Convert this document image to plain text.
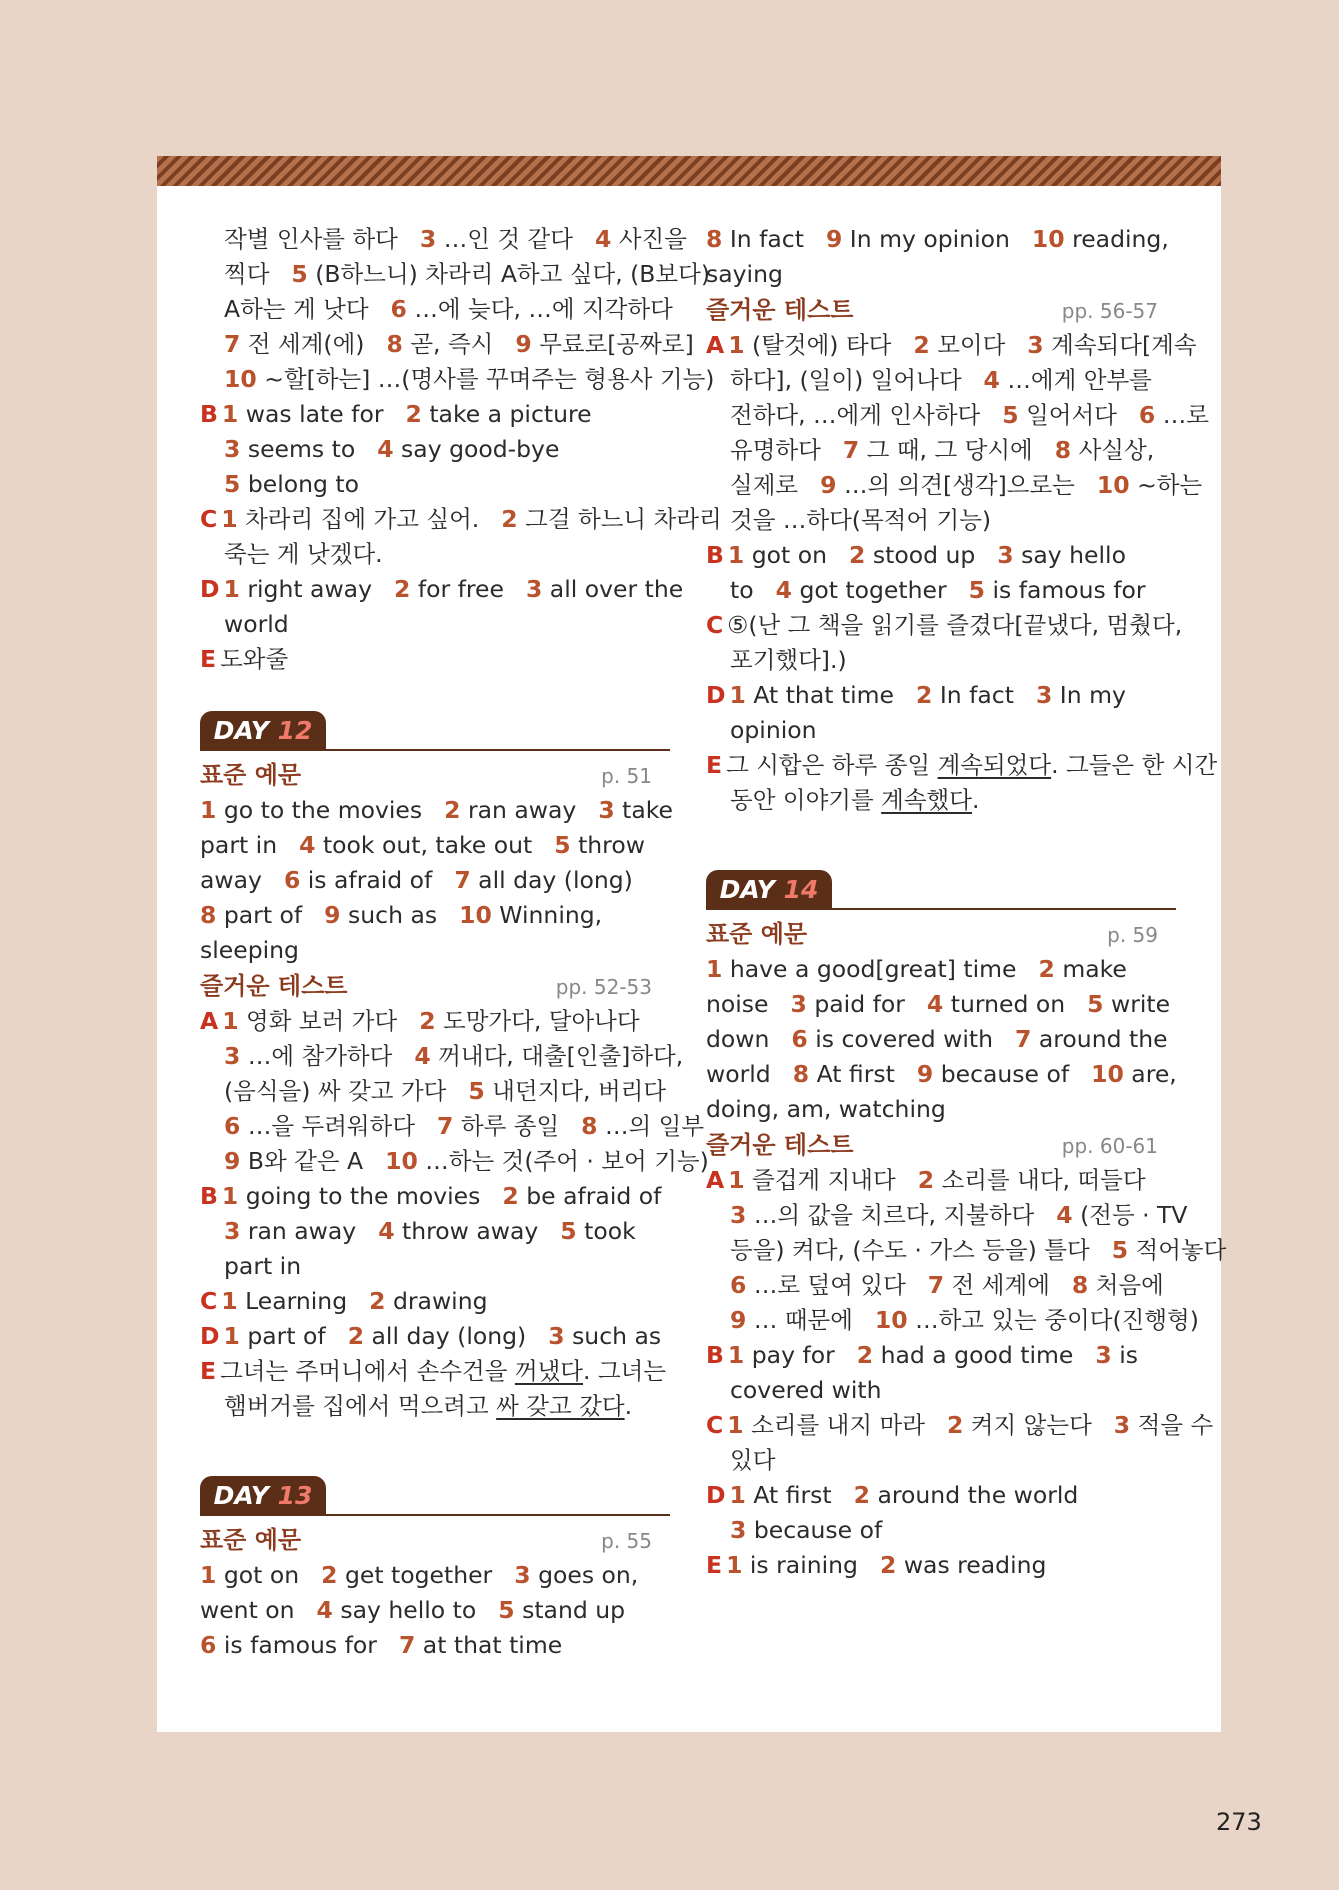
작별 인사를 하다 3 …인 것 같다 4 사진을
찍다 5 (B하느니) 차라리 A하고 싶다, (B보다)
A하는 게 낫다 6 …에 늦다, …에 지각하다
7 전 세계(에) 8 곧, 즉시 9 무료로[공짜로]
10 ~할[하는] …(명사를 꾸며주는 형용사 기능)
B 1 was late for 2 take a picture
3 seems to 4 say good-bye
5 belong to
C 1 차라리 집에 가고 싶어. 2 그걸 하느니 차라리
죽는 게 낫겠다.
D 1 right away 2 for free 3 all over the
world
E 도와줄
DAY 12
표준 예문	p. 51
1 go to the movies 2 ran away 3 take
part in 4 took out, take out 5 throw
away 6 is afraid of 7 all day (long)
8 part of 9 such as 10 Winning,
sleeping
즐거운 테스트	pp. 52-53
A 1 영화 보러 가다 2 도망가다, 달아나다
3 …에 참가하다 4 꺼내다, 대출[인출]하다,
(음식을) 싸 갖고 가다 5 내던지다, 버리다
6 …을 두려워하다 7 하루 종일 8 …의 일부
9 B와 같은 A 10 …하는 것(주어 · 보어 기능)
B 1 going to the movies 2 be afraid of
3 ran away 4 throw away 5 took
part in
C 1 Learning 2 drawing
D 1 part of 2 all day (long) 3 such as
E 그녀는 주머니에서 손수건을 꺼냈다. 그녀는
햄버거를 집에서 먹으려고 싸 갖고 갔다.
DAY 13
표준 예문	p. 55
1 got on 2 get together 3 goes on,
went on 4 say hello to 5 stand up
6 is famous for 7 at that time
8 In fact 9 In my opinion 10 reading,
saying
즐거운 테스트	pp. 56-57
A 1 (탈것에) 타다 2 모이다 3 계속되다[계속
하다], (일이) 일어나다 4 …에게 안부를
전하다, …에게 인사하다 5 일어서다 6 …로
유명하다 7 그 때, 그 당시에 8 사실상,
실제로 9 …의 의견[생각]으로는 10 ~하는
것을 …하다(목적어 기능)
B 1 got on 2 stood up 3 say hello
to 4 got together 5 is famous for
C ⑤(난 그 책을 읽기를 즐겼다[끝냈다, 멈췄다,
포기했다].)
D 1 At that time 2 In fact 3 In my
opinion
E 그 시합은 하루 종일 계속되었다. 그들은 한 시간
동안 이야기를 계속했다.
DAY 14
표준 예문	p. 59
1 have a good[great] time 2 make
noise 3 paid for 4 turned on 5 write
down 6 is covered with 7 around the
world 8 At first 9 because of 10 are,
doing, am, watching
즐거운 테스트	pp. 60-61
A 1 즐겁게 지내다 2 소리를 내다, 떠들다
3 …의 값을 치르다, 지불하다 4 (전등 · TV
등을) 켜다, (수도 · 가스 등을) 틀다 5 적어놓다
6 …로 덮여 있다 7 전 세계에 8 처음에
9 … 때문에 10 …하고 있는 중이다(진행형)
B 1 pay for 2 had a good time 3 is
covered with
C 1 소리를 내지 마라 2 켜지 않는다 3 적을 수
있다
D 1 At first 2 around the world
3 because of
E 1 is raining 2 was reading
273
